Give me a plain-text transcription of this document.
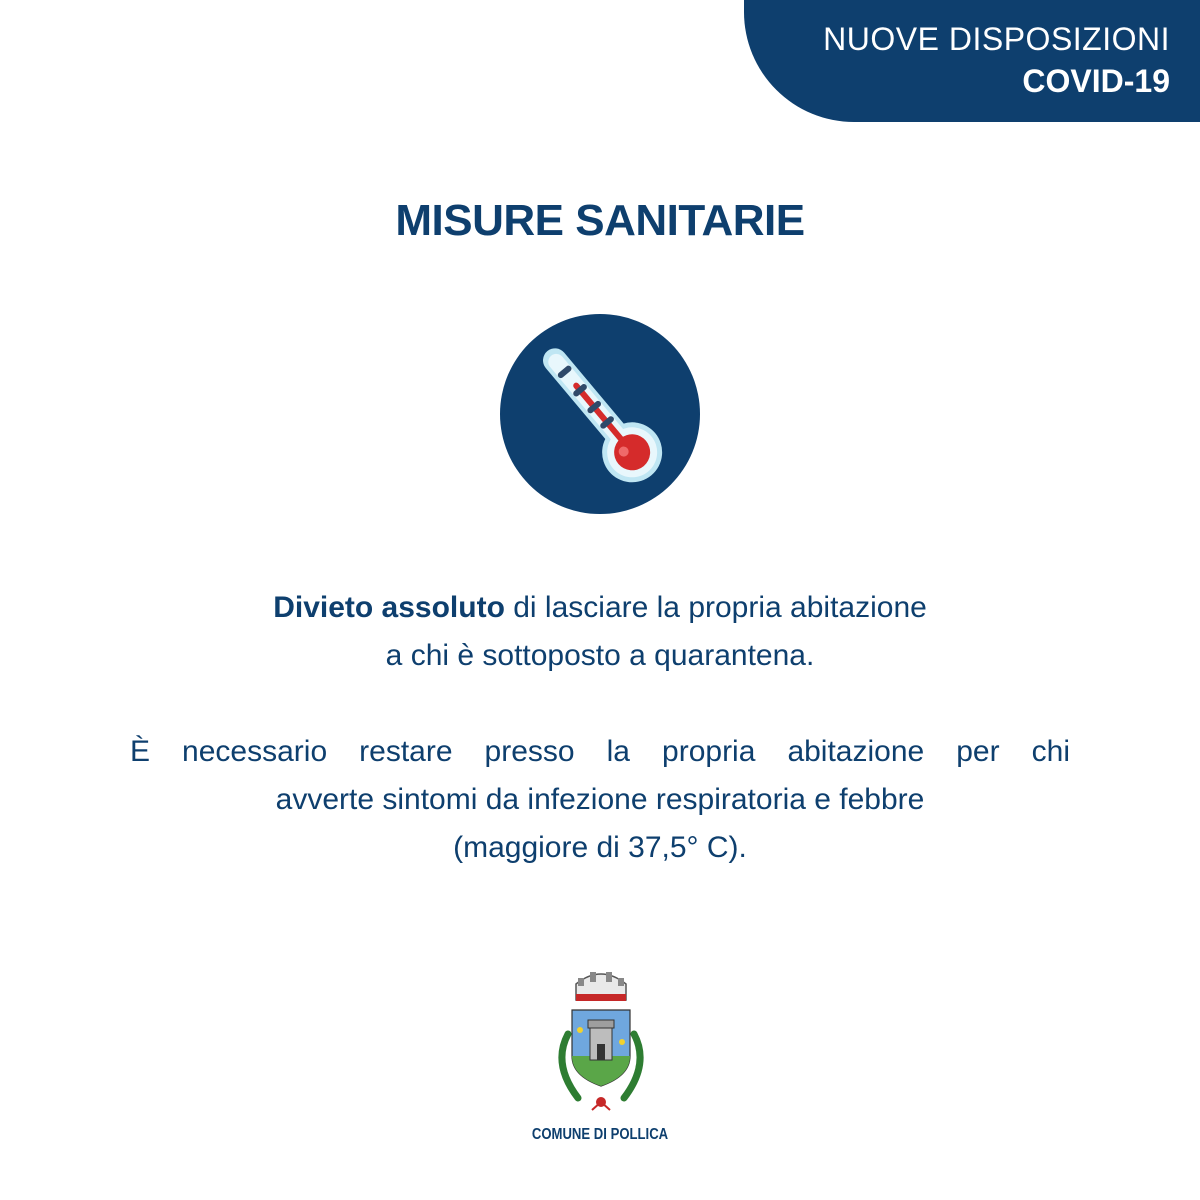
NUOVE DISPOSIZIONI
COVID-19
MISURE SANITARIE
Divieto assoluto di lasciare la propria abitazione
a chi è sottoposto a quarantena.
È necessario restare presso la propria abitazione per chi
avverte sintomi da infezione respiratoria e febbre
(maggiore di 37,5° C).
COMUNE DI POLLICA
